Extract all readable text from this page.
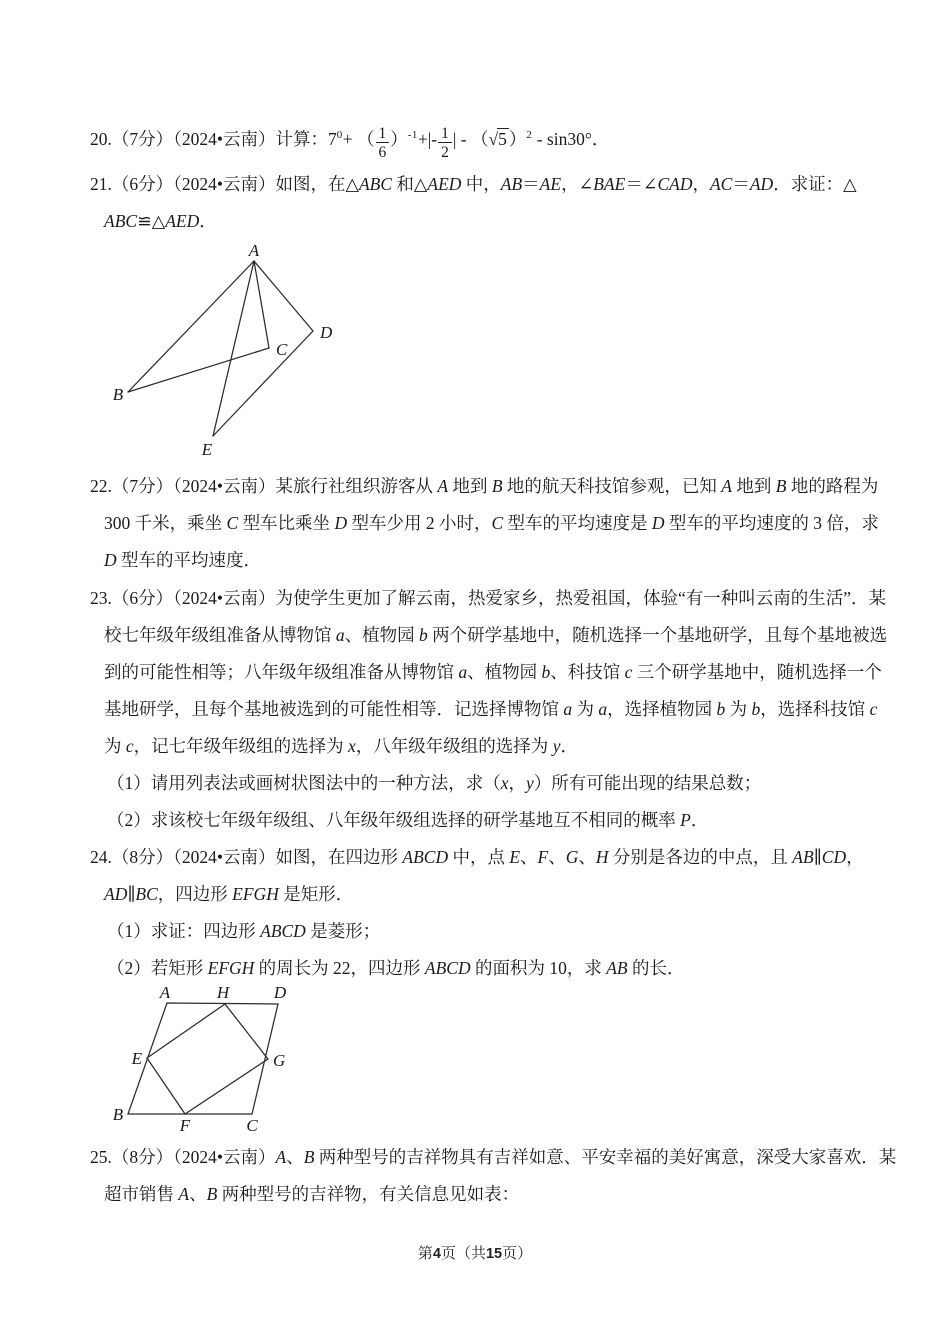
20.（7分）（2024•云南）计算：$7^0+$ （ $\frac{1}{6} )^{-1}+|- \frac{1}{2}$ | - （√5 ）$^2$ - sin30°．
21.（6分）（2024•云南）如图，在△ABC 和△AED 中，AB＝AE，∠BAE＝∠CAD，AC＝AD．求证：△
ABC≌△AED．
A
B
C
D
E
22.（7分）（2024•云南）某旅行社组织游客从 A 地到 B 地的航天科技馆参观，已知 A 地到 B 地的路程为
300 千米，乘坐 C 型车比乘坐 D 型车少用 2 小时，C 型车的平均速度是 D 型车的平均速度的 3 倍，求
D 型车的平均速度．
23.（6分）（2024•云南）为使学生更加了解云南，热爱家乡，热爱祖国，体验“有一种叫云南的生活”．某
校七年级年级组准备从博物馆 a、植物园 b 两个研学基地中，随机选择一个基地研学，且每个基地被选
到的可能性相等；八年级年级组准备从博物馆 a、植物园 b、科技馆 c 三个研学基地中，随机选择一个
基地研学，且每个基地被选到的可能性相等．记选择博物馆 a 为 a，选择植物园 b 为 b，选择科技馆 c
为 c，记七年级年级组的选择为 x，八年级年级组的选择为 y．
（1）请用列表法或画树状图法中的一种方法，求（x，y）所有可能出现的结果总数；
（2）求该校七年级年级组、八年级年级组选择的研学基地互不相同的概率 P．
24.（8分）（2024•云南）如图，在四边形 ABCD 中，点 E、F、G、H 分别是各边的中点，且 AB∥CD，
AD∥BC，四边形 EFGH 是矩形．
（1）求证：四边形 ABCD 是菱形；
（2）若矩形 EFGH 的周长为 22，四边形 ABCD 的面积为 10，求 AB 的长．
A	H	D
E	G
B
F	C
25.（8分）（2024•云南）A、B 两种型号的吉祥物具有吉祥如意、平安幸福的美好寓意，深受大家喜欢．某
超市销售 A、B 两种型号的吉祥物，有关信息见如表：
第4页（共15页）
